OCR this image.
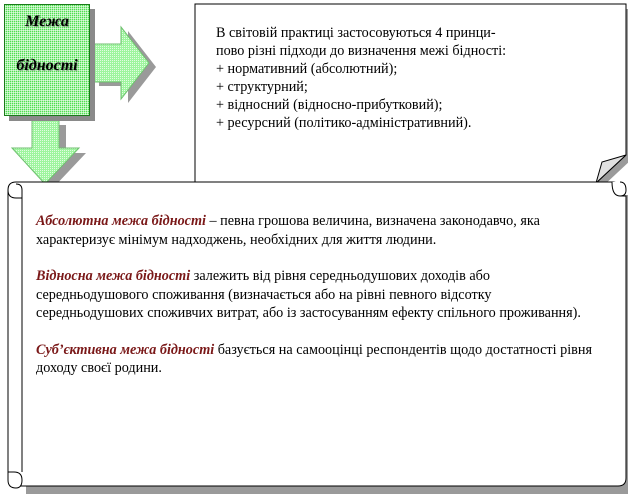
Межа
бідності
В світовій практиці застосовуються 4 принци-
пово різні підходи до визначення межі бідності:
+ нормативний (абсолютний);
+ структурний;
+ відносний (відносно-прибутковий);
+ ресурсний (політико-адміністративний).

Абсолютна межа бідності – певна грошова величина, визначена законодавчо, яка характеризує мінімум надходжень, необхідних для життя людини.

Відносна межа бідності залежить від рівня середньодушових доходів або середньодушового споживання (визначається або на рівні певного відсотку середньодушових споживчих витрат, або із застосуванням ефекту спільного проживання).

Суб’єктивна межа бідності базується на самооцінці респондентів щодо достатності рівня доходу своєї родини.
